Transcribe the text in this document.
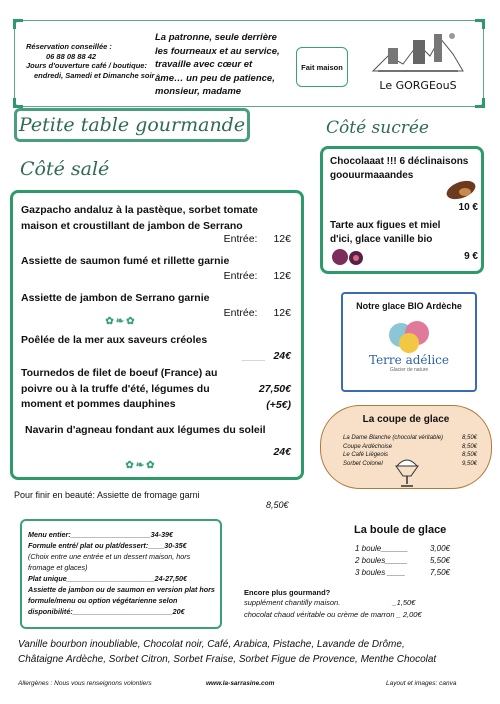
Réservation conseillée :
06 88 08 88 42
Jours d'ouverture café / boutique:
endredi, Samedi et Dimanche soir
La patronne, seule derrière les fourneaux et au service, travaille avec cœur et âme… un peu de patience, monsieur, madame
Fait maison
Le GORGEouS
Petite table gourmande
Côté salé
Gazpacho andaluz à la pastèque, sorbet tomate maison et croustillant de jambon de Serrano
Entrée: 12€
Assiette de saumon fumé et rillette garnie
Entrée: 12€
Assiette de jambon de Serrano garnie
Entrée: 12€
✿❧✿
Poêlée de la mer aux saveurs créoles
____ 24€
Tournedos de filet de boeuf (France) au poivre ou à la truffe d'été, légumes du moment et pommes dauphines
27,50€
(+5€)
Navarin d'agneau fondant aux légumes du soleil
24€
✿❧✿
Pour finir en beauté: Assiette de fromage garni
8,50€
Côté sucrée
Chocolaaat !!! 6 déclinaisons goouurmaaandes
10 €
Tarte aux figues et miel d'ici, glace vanille bio
9 €
Notre glace BIO Ardèche
Terre adélice
Glacier de nature
La coupe de glace
La Dame Blanche (chocolat véritable)	8,50€
Coupe Ardéchoise	8,50€
Le Café Liégeois	8,50€
Sorbet Colonel	9,50€
Menu entier:____________________34-39€
Formule entré/ plat ou plat/dessert:____30-35€
(Choix entre une entrée et un dessert maison, hors fromage et glaces)
Plat unique______________________24-27,50€
Assiette de jambon ou de saumon en version plat hors formule/menu ou option végétarienne selon disponibilité:_________________________20€
La boule de glace
1 boule______	3,00€
2 boules_____	5,50€
3 boules ____	7,50€
Encore plus gourmand?
supplément chantilly maison.                         _1,50€
chocolat chaud véritable ou crème de marron _ 2,00€
Vanille bourbon inoubliable, Chocolat noir, Café, Arabica, Pistache, Lavande de Drôme,
Châtaigne Ardèche, Sorbet Citron, Sorbet Fraise, Sorbet Figue de Provence, Menthe Chocolat
Allergènes : Nous vous renseignons volontiers	www.la-sarrasine.com	Layout et images: canva
